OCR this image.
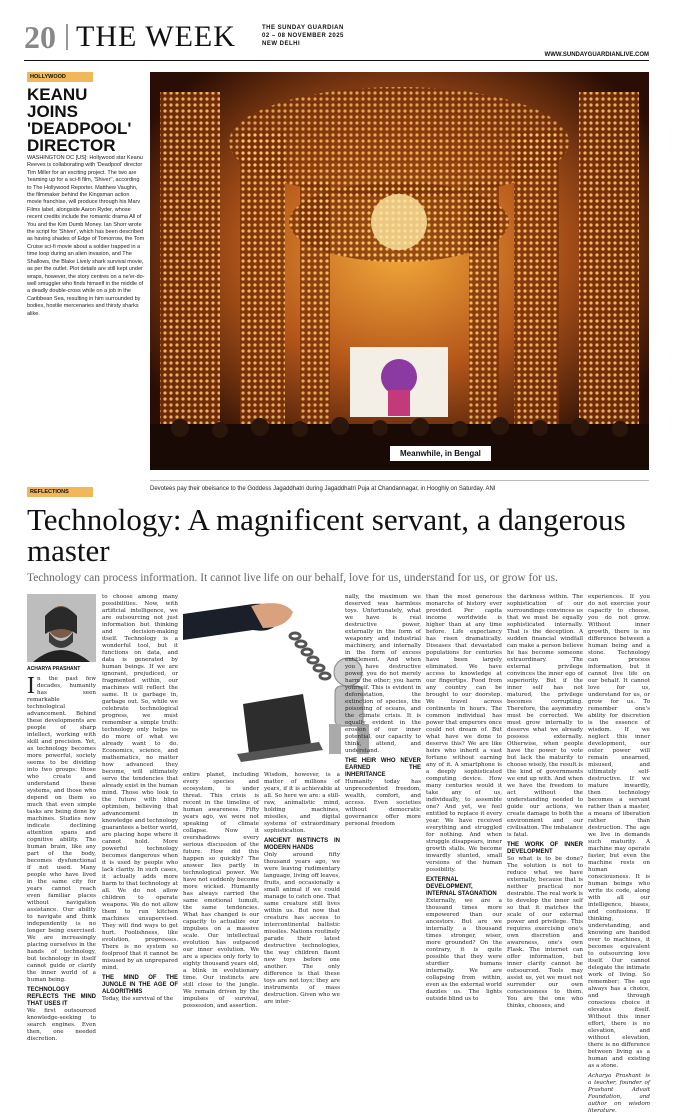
20 THE WEEK	THE SUNDAY GUARDIAN
02 – 08 NOVEMBER 2025
NEW DELHI
WWW.SUNDAYGUARDIANLIVE.COM
HOLLYWOOD
KEANU JOINS 'DEADPOOL' DIRECTOR
WASHINGTON DC [US]: Hollywood star Keanu Reeves is collaborating with 'Deadpool' director Tim Miller for an exciting project. The two are 'teaming up for a sci-fi film, 'Shiver'', according to The Hollywood Reporter. Matthew Vaughn, the filmmaker behind the Kingsman action movie franchise, will produce through his Marv Films label, alongside Aaron Ryder, whose recent credits include the romantic drama All of You and the Kim Dumb Money. Ian Shorr wrote the script for 'Shiver', which has been described as having shades of Edge of Tomorrow, the Tom Cruise sci-fi movie about a soldier trapped in a time loop during an alien invasion, and The Shallows, the Blake Lively shark survival movie, as per the outlet. Plot details are still kept under wraps, however, the story centres on a ne'er-do-well smuggler who finds himself in the middle of a deadly double-cross while on a job in the Caribbean Sea, resulting in him surrounded by bodies, hostile mercenaries and thirsty sharks alike.
Meanwhile, in Bengal
Devotees pay their obeisance to the Goddess Jagaddhatri during Jagaddhatri Puja at Chandannagar, in Hooghly on Saturday. ANI
REFLECTIONS
Technology: A magnificent servant, a dangerous master
Technology can process information. It cannot live life on our behalf, love for us, understand for us, or grow for us.
ACHARYA PRASHANT
I n the past few decades, humanity has seen remarkable technological advancement. Behind these developments are people of sharp intellect, working with skill and precision. Yet, as technology becomes more powerful, society seems to be dividing into two groups: those who create and understand these systems, and those who depend on them so much that even simple tasks are being done by machines. Studies now indicate declining attention spans and cognitive ability. The human brain, like any part of the body, becomes dysfunctional if not used. Many people who have lived in the same city for years cannot reach even familiar places without navigation assistance. Our ability to navigate and think independently is no longer being exercised. We are increasingly placing ourselves in the hands of technology, but technology in itself cannot guide or clarify the inner world of a human being.

TECHNOLOGY REFLECTS THE MIND THAT USES IT

We first outsourced knowledge-seeking to search engines. Even then, one needed discretion.

to choose among many possibilities. Now, with artificial intelligence, we are outsourcing not just information but thinking and decision-making itself. Technology is a wonderful tool, but it functions on data, and data is generated by human beings. If we are ignorant, prejudiced, or fragmented within, our machines will reflect the same. It is garbage in, garbage out. So, while we celebrate technological progress, we must remember a simple truth: technology only helps us do more of what we already want to do. Economics, science, and mathematics, no matter how advanced they become, will ultimately serve the tendencies that already exist in the human mind. Those who look to the future with blind optimism, believing that advancement in knowledge and technology guarantees a better world, are placing hope where it cannot hold. More powerful technology becomes dangerous when it is used by people who lack clarity. In such cases, it actually adds more harm to that technology at all. We do not allow children to operate weapons. We do not allow them to run kitchen machines unsupervised. They will find ways to get hurt. Foolishness, like evolution, progresses. There is no system so foolproof that it cannot be misused by an unprepared mind.

THE MIND OF THE JUNGLE IN THE AGE OF ALGORITHMS

Today, the survival of the

entire planet, including every species and ecosystem, is under threat. This crisis is recent in the timeline of human awareness. Fifty years ago, we were not speaking of climate collapse. Now it overshadows every serious discussion of the future. How did this happen so quickly? The answer lies partly in technological power. We have not suddenly become more wicked. Humanity has always carried the same emotional tumult, the same tendencies. What has changed is our capacity to actualize our impulses on a massive scale. Our intellectual evolution has outpaced our inner evolution. We are a species only forty to eighty thousand years old, a blink in evolutionary time. Our instincts are still close to the jungle. We remain driven by the impulses of survival, possession, and assertion.

Wisdom, however, is a matter of millions of years, if it is achievable at all. So here we are: a still-raw, animalistic mind, holding machines, missiles, and digital systems of extraordinary sophistication.

ANCIENT INSTINCTS IN MODERN HANDS

Only around fifty thousand years ago, we were leaving rudimentary language, living off leaves, fruits, and occasionally a small animal if we could manage to catch one. That same creature still lives within us. But now that creature has access to intercontinental ballistic missiles. Nations routinely parade their latest destructive technologies, the way children flaunt new toys before one another. The only difference is that these toys are not toys; they are instruments of mass destruction. Given who we are inter-

nally, the maximum we deserved was harmless toys. Unfortunately, what we have is real destructive power, externally in the form of weaponry and industrial machinery, and internally in the form of excess entitlement. And when you have destructive power, you do not merely harm the other; you harm yourself. This is evident in deforestation, the extinction of species, the poisoning of oceans, and the climate crisis. It is equally evident in the erosion of our inner potential, our capacity to think, attend, and understand.

THE HEIR WHO NEVER EARNED THE INHERITANCE

Humanity today has unprecedented freedom, wealth, comfort, and access. Even societies without democratic governance offer more personal freedom

than the most generous monarchs of history ever provided. Per capita income worldwide is higher than at any time before. Life expectancy has risen dramatically. Diseases that devastated populations for centuries have been largely eliminated. We have access to knowledge at our fingertips. Food from any country can be brought to our doorstep. We travel across continents in hours. The common individual has power that emperors once could not dream of. But what have we done to deserve this? We are like heirs who inherit a vast fortune without earning any of it. A smartphone is a deeply sophisticated computing device. How many centuries would it take any of us, individually, to assemble one? And yet, we feel entitled to replace it every year. We have received everything and struggled for nothing. And when struggle disappears, inner growth stalls. We become inwardly stunted, small versions of the human possibility.

EXTERNAL DEVELOPMENT, INTERNAL STAGNATION

Externally, we are a thousand times more empowered than our ancestors. But are we internally a thousand times stronger, wiser, more grounded? On the contrary, it is quite possible that they were sturdier humans internally. We are collapsing from within, even as the external world dazzles us. The lights outside blind us to

the darkness within. The sophistication of our surroundings convinces us that we must be equally sophisticated internally. That is the deception. A sudden financial windfall can make a person believe he has become someone extraordinary. The external privilege convinces the inner ego of superiority. But if the inner self has not matured, the privilege becomes corrupting. Therefore, the asymmetry must be corrected. We must grow internally to deserve what we already possess externally. Otherwise, when people have the power to vote but lack the maturity to choose wisely, the result is the kind of governments we end up with. And when we have the freedom to act without the understanding needed to guide our actions, we create damage to both the environment and our civilisation. The imbalance is fatal.

THE WORK OF INNER DEVELOPMENT

So what is to be done? The solution is not to reduce what we have externally, because that is neither practical nor desirable. The real work is to develop the inner self so that it matches the scale of our external power and privilege. This requires exercising one's own discretion and awareness, one's own Flask. The internet can offer information, but inner clarity cannot be outsourced. Tools may assist us, yet we must not surrender our own consciousness to them. You are the one who thinks, chooses, and

experiences. If you do not exercise your capacity to choose, you do not grow. Without inner growth, there is no difference between a human being and a stone. Technology can process information, but it cannot live life on our behalf. It cannot love for us, understand for us, or grow for us. To remember one's ability for discretion is the essence of wisdom. If we neglect this inner development, our outer power will remain unearned, misused, and ultimately self-destructive. If we mature inwardly, then technology becomes a servant rather than a master, a means of liberation rather than destruction. The age we live in demands such maturity. A machine may operate faster, but even the machine rests on human consciousness. It is human beings who write its code, along with all our intelligence, biases, and confusions. If thinking, understanding, and knowing are handed over to machines, it becomes equivalent to outsourcing love itself. Our cannot delegate the intimate work of living. So remember: The ego always has a choice, and through conscious choice it elevates itself. Without this inner effort, there is no elevation, and without elevation, there is no difference between living as a human and existing as a stone.

Acharya Prashant is a teacher, founder of Prashant Advait Foundation, and author on wisdom literature.
